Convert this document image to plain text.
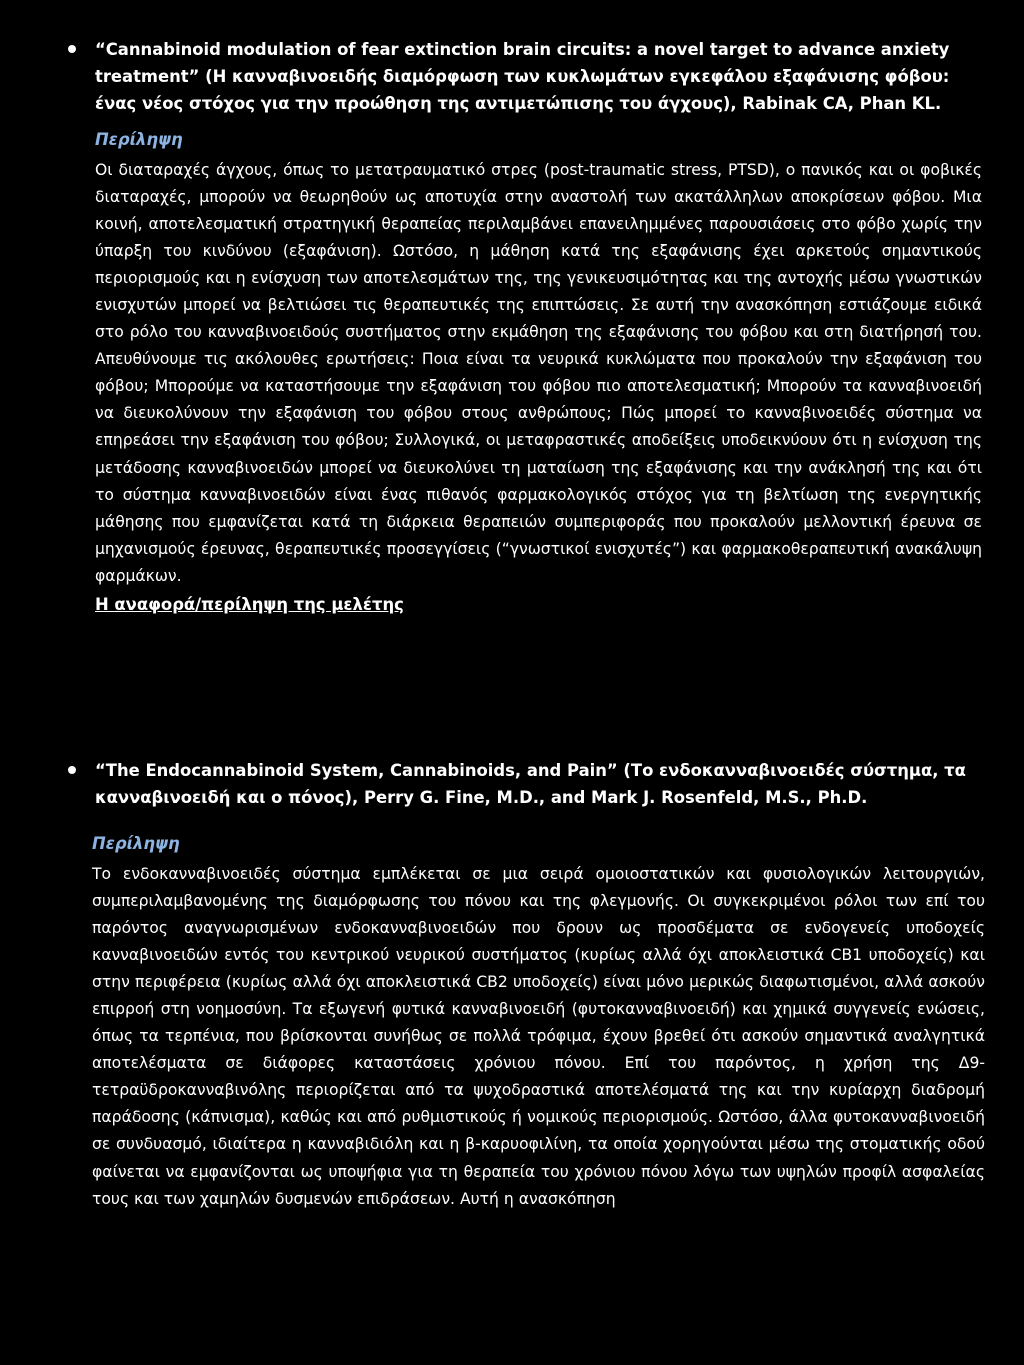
“Cannabinoid modulation of fear extinction brain circuits: a novel target to advance anxiety treatment” (Η κανναβινοειδής διαμόρφωση των κυκλωμάτων εγκεφάλου εξαφάνισης φόβου: ένας νέος στόχος για την προώθηση της αντιμετώπισης του άγχους), Rabinak CA, Phan KL.

Περίληψη

Οι διαταραχές άγχους, όπως το μετατραυματικό στρες (post-traumatic stress, PTSD), ο πανικός και οι φοβικές διαταραχές, μπορούν να θεωρηθούν ως αποτυχία στην αναστολή των ακατάλληλων αποκρίσεων φόβου. Μια κοινή, αποτελεσματική στρατηγική θεραπείας περιλαμβάνει επανειλημμένες παρουσιάσεις στο φόβο χωρίς την ύπαρξη του κινδύνου (εξαφάνιση). Ωστόσο, η μάθηση κατά της εξαφάνισης έχει αρκετούς σημαντικούς περιορισμούς και η ενίσχυση των αποτελεσμάτων της, της γενικευσιμότητας και της αντοχής μέσω γνωστικών ενισχυτών μπορεί να βελτιώσει τις θεραπευτικές της επιπτώσεις. Σε αυτή την ανασκόπηση εστιάζουμε ειδικά στο ρόλο του κανναβινοειδούς συστήματος στην εκμάθηση της εξαφάνισης του φόβου και στη διατήρησή του. Απευθύνουμε τις ακόλουθες ερωτήσεις: Ποια είναι τα νευρικά κυκλώματα που προκαλούν την εξαφάνιση του φόβου; Μπορούμε να καταστήσουμε την εξαφάνιση του φόβου πιο αποτελεσματική; Μπορούν τα κανναβινοειδή να διευκολύνουν την εξαφάνιση του φόβου στους ανθρώπους; Πώς μπορεί το κανναβινοειδές σύστημα να επηρεάσει την εξαφάνιση του φόβου; Συλλογικά, οι μεταφραστικές αποδείξεις υποδεικνύουν ότι η ενίσχυση της μετάδοσης κανναβινοειδών μπορεί να διευκολύνει τη ματαίωση της εξαφάνισης και την ανάκλησή της και ότι το σύστημα κανναβινοειδών είναι ένας πιθανός φαρμακολογικός στόχος για τη βελτίωση της ενεργητικής μάθησης που εμφανίζεται κατά τη διάρκεια θεραπειών συμπεριφοράς που προκαλούν μελλοντική έρευνα σε μηχανισμούς έρευνας, θεραπευτικές προσεγγίσεις (“γνωστικοί ενισχυτές”) και φαρμακοθεραπευτική ανακάλυψη φαρμάκων.

Η αναφορά/περίληψη της μελέτης

“The Endocannabinoid System, Cannabinoids, and Pain” (Το ενδοκανναβινοειδές σύστημα, τα κανναβινοειδή και ο πόνος), Perry G. Fine, M.D., and Mark J. Rosenfeld, M.S., Ph.D.

Περίληψη

Το ενδοκανναβινοειδές σύστημα εμπλέκεται σε μια σειρά ομοιοστατικών και φυσιολογικών λειτουργιών, συμπεριλαμβανομένης της διαμόρφωσης του πόνου και της φλεγμονής. Οι συγκεκριμένοι ρόλοι των επί του παρόντος αναγνωρισμένων ενδοκανναβινοειδών που δρουν ως προσδέματα σε ενδογενείς υποδοχείς κανναβινοειδών εντός του κεντρικού νευρικού συστήματος (κυρίως αλλά όχι αποκλειστικά CB1 υποδοχείς) και στην περιφέρεια (κυρίως αλλά όχι αποκλειστικά CB2 υποδοχείς) είναι μόνο μερικώς διαφωτισμένοι, αλλά ασκούν επιρροή στη νοημοσύνη. Τα εξωγενή φυτικά κανναβινοειδή (φυτοκανναβινοειδή) και χημικά συγγενείς ενώσεις, όπως τα τερπένια, που βρίσκονται συνήθως σε πολλά τρόφιμα, έχουν βρεθεί ότι ασκούν σημαντικά αναλγητικά αποτελέσματα σε διάφορες καταστάσεις χρόνιου πόνου. Επί του παρόντος, η χρήση της Δ9-τετραϋδροκανναβινόλης περιορίζεται από τα ψυχοδραστικά αποτελέσματά της και την κυρίαρχη διαδρομή παράδοσης (κάπνισμα), καθώς και από ρυθμιστικούς ή νομικούς περιορισμούς. Ωστόσο, άλλα φυτοκανναβινοειδή σε συνδυασμό, ιδιαίτερα η κανναβιδιόλη και η β-καρυοφιλίνη, τα οποία χορηγούνται μέσω της στοματικής οδού φαίνεται να εμφανίζονται ως υποψήφια για τη θεραπεία του χρόνιου πόνου λόγω των υψηλών προφίλ ασφαλείας τους και των χαμηλών δυσμενών επιδράσεων. Αυτή η ανασκόπηση
